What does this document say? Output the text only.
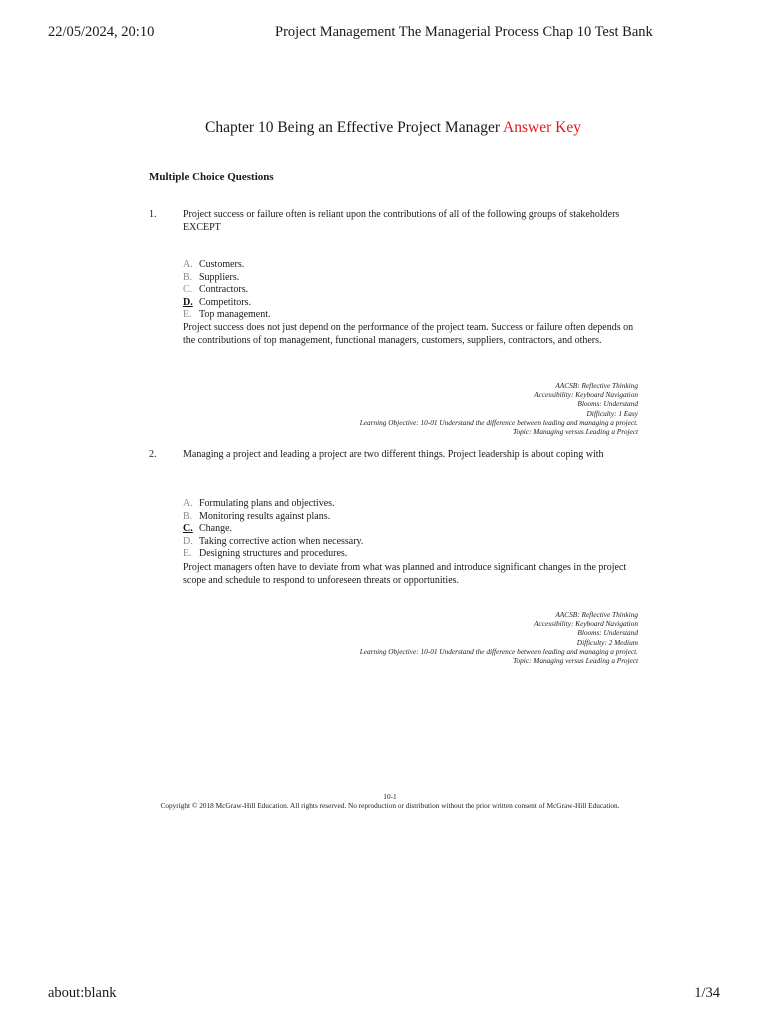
22/05/2024, 20:10	Project Management The Managerial Process Chap 10 Test Bank
Chapter 10 Being an Effective Project Manager Answer Key
Multiple Choice Questions
1.	Project success or failure often is reliant upon the contributions of all of the following groups of stakeholders EXCEPT
A. Customers.
B. Suppliers.
C. Contractors.
D. Competitors.
E. Top management.
Project success does not just depend on the performance of the project team. Success or failure often depends on the contributions of top management, functional managers, customers, suppliers, contractors, and others.
AACSB: Reflective Thinking
Accessibility: Keyboard Navigation
Blooms: Understand
Difficulty: 1 Easy
Learning Objective: 10-01 Understand the difference between leading and managing a project.
Topic: Managing versus Leading a Project
2.	Managing a project and leading a project are two different things. Project leadership is about coping with
A. Formulating plans and objectives.
B. Monitoring results against plans.
C. Change.
D. Taking corrective action when necessary.
E. Designing structures and procedures.
Project managers often have to deviate from what was planned and introduce significant changes in the project scope and schedule to respond to unforeseen threats or opportunities.
AACSB: Reflective Thinking
Accessibility: Keyboard Navigation
Blooms: Understand
Difficulty: 2 Medium
Learning Objective: 10-01 Understand the difference between leading and managing a project.
Topic: Managing versus Leading a Project
10-1
Copyright © 2018 McGraw-Hill Education. All rights reserved. No reproduction or distribution without the prior written consent of McGraw-Hill Education.
about:blank	1/34
